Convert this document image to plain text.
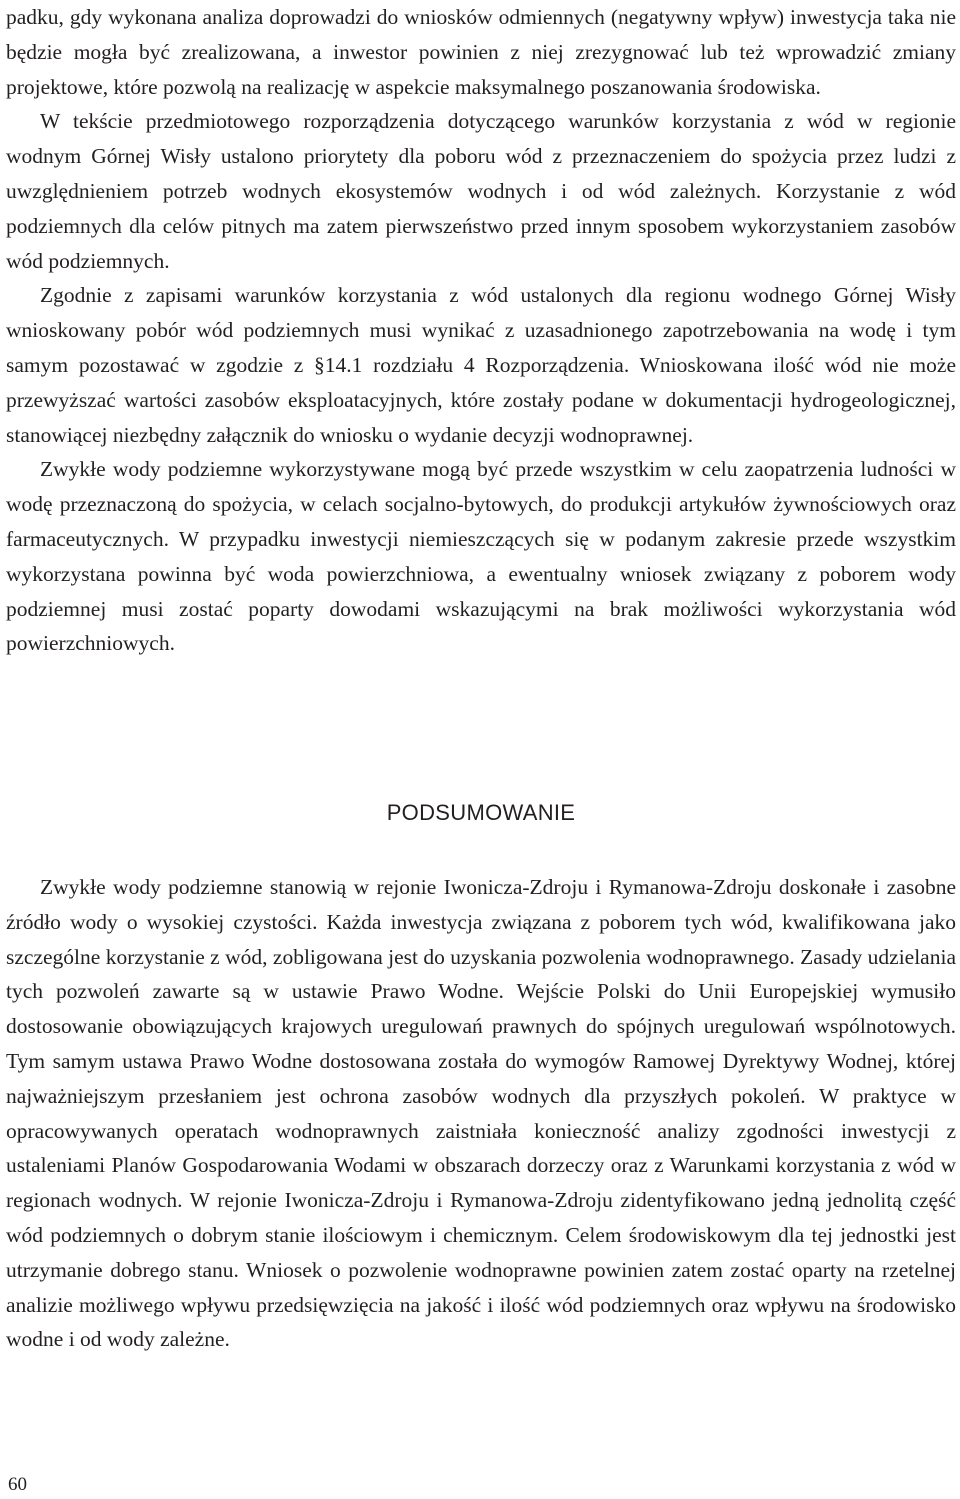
padku, gdy wykonana analiza doprowadzi do wniosków odmiennych (negatywny wpływ) inwestycja taka nie będzie mogła być zrealizowana, a inwestor powinien z niej zrezygnować lub też wprowadzić zmiany projektowe, które pozwolą na realizację w aspekcie maksymalnego poszanowania środowiska.

W tekście przedmiotowego rozporządzenia dotyczącego warunków korzystania z wód w regionie wodnym Górnej Wisły ustalono priorytety dla poboru wód z przeznaczeniem do spożycia przez ludzi z uwzględnieniem potrzeb wodnych ekosystemów wodnych i od wód zależnych. Korzystanie z wód podziemnych dla celów pitnych ma zatem pierwszeństwo przed innym sposobem wykorzystaniem zasobów wód podziemnych.

Zgodnie z zapisami warunków korzystania z wód ustalonych dla regionu wodnego Górnej Wisły wnioskowany pobór wód podziemnych musi wynikać z uzasadnionego zapotrzebowania na wodę i tym samym pozostawać w zgodzie z §14.1 rozdziału 4 Rozporządzenia. Wnioskowana ilość wód nie może przewyższać wartości zasobów eksploatacyjnych, które zostały podane w dokumentacji hydrogeologicznej, stanowiącej niezbędny załącznik do wniosku o wydanie decyzji wodnoprawnej.

Zwykłe wody podziemne wykorzystywane mogą być przede wszystkim w celu zaopatrzenia ludności w wodę przeznaczoną do spożycia, w celach socjalno-bytowych, do produkcji artykułów żywnościowych oraz farmaceutycznych. W przypadku inwestycji niemieszczących się w podanym zakresie przede wszystkim wykorzystana powinna być woda powierzchniowa, a ewentualny wniosek związany z poborem wody podziemnej musi zostać poparty dowodami wskazującymi na brak możliwości wykorzystania wód powierzchniowych.

PODSUMOWANIE

Zwykłe wody podziemne stanowią w rejonie Iwonicza-Zdroju i Rymanowa-Zdroju doskonałe i zasobne źródło wody o wysokiej czystości. Każda inwestycja związana z poborem tych wód, kwalifikowana jako szczególne korzystanie z wód, zobligowana jest do uzyskania pozwolenia wodnoprawnego. Zasady udzielania tych pozwoleń zawarte są w ustawie Prawo Wodne. Wejście Polski do Unii Europejskiej wymusiło dostosowanie obowiązujących krajowych uregulowań prawnych do spójnych uregulowań wspólnotowych. Tym samym ustawa Prawo Wodne dostosowana została do wymogów Ramowej Dyrektywy Wodnej, której najważniejszym przesłaniem jest ochrona zasobów wodnych dla przyszłych pokoleń. W praktyce w opracowywanych operatach wodnoprawnych zaistniała konieczność analizy zgodności inwestycji z ustaleniami Planów Gospodarowania Wodami w obszarach dorzeczy oraz z Warunkami korzystania z wód w regionach wodnych. W rejonie Iwonicza-Zdroju i Rymanowa-Zdroju zidentyfikowano jedną jednolitą część wód podziemnych o dobrym stanie ilościowym i chemicznym. Celem środowiskowym dla tej jednostki jest utrzymanie dobrego stanu. Wniosek o pozwolenie wodnoprawne powinien zatem zostać oparty na rzetelnej analizie możliwego wpływu przedsięwzięcia na jakość i ilość wód podziemnych oraz wpływu na środowisko wodne i od wody zależne.

60
